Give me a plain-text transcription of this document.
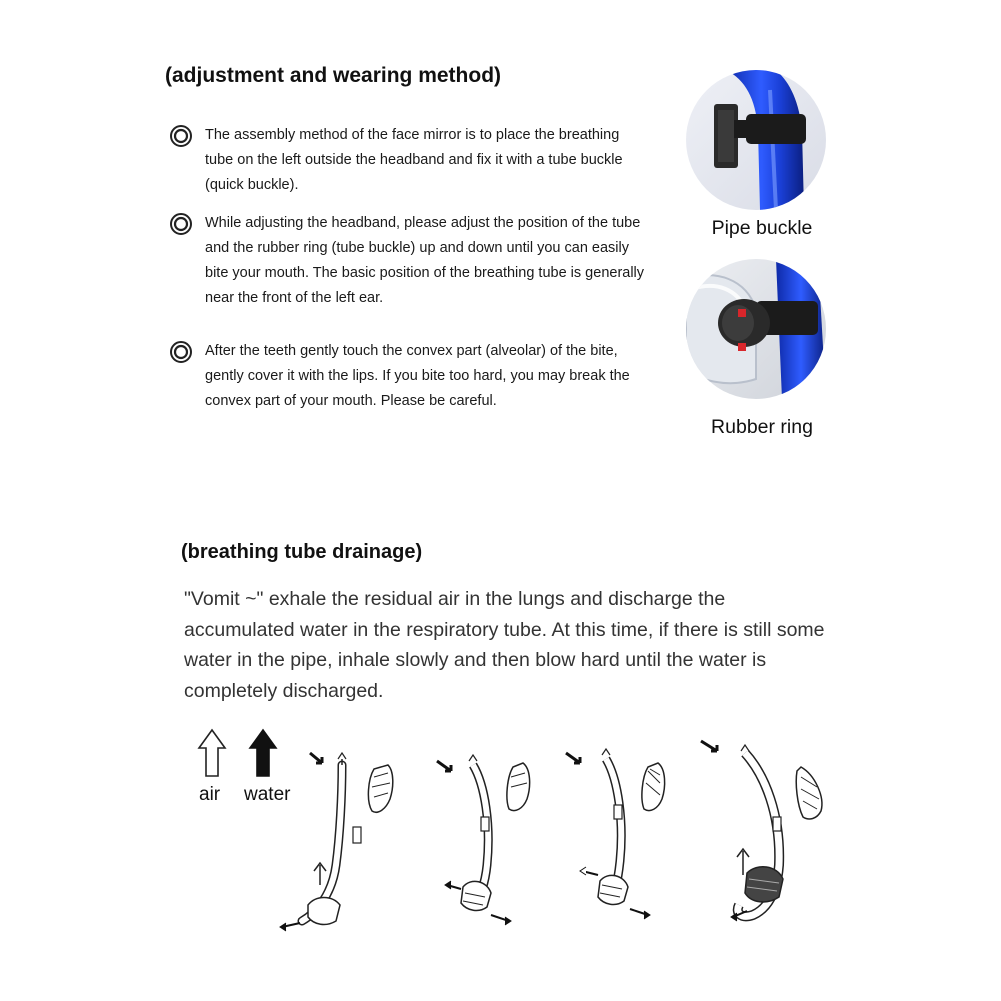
(adjustment and wearing method)
The assembly method of the face mirror is to place the breathing
tube on the left outside the headband and fix it with a tube buckle
(quick buckle).
While adjusting the headband, please adjust the position of the tube
and the rubber ring (tube buckle) up and down until you can easily
bite your mouth. The basic position of the breathing tube is generally
near the front of the left ear.
After the teeth gently touch the convex part (alveolar) of the bite,
gently cover it with the lips. If you bite too hard, you may break the
convex part of your mouth. Please be careful.
Pipe buckle
Rubber ring
(breathing tube drainage)
"Vomit ~" exhale the residual air in the lungs and discharge the
accumulated water in the respiratory tube. At this time, if there is still some
water in the pipe, inhale slowly and then blow hard until the water is
completely discharged.
air water
